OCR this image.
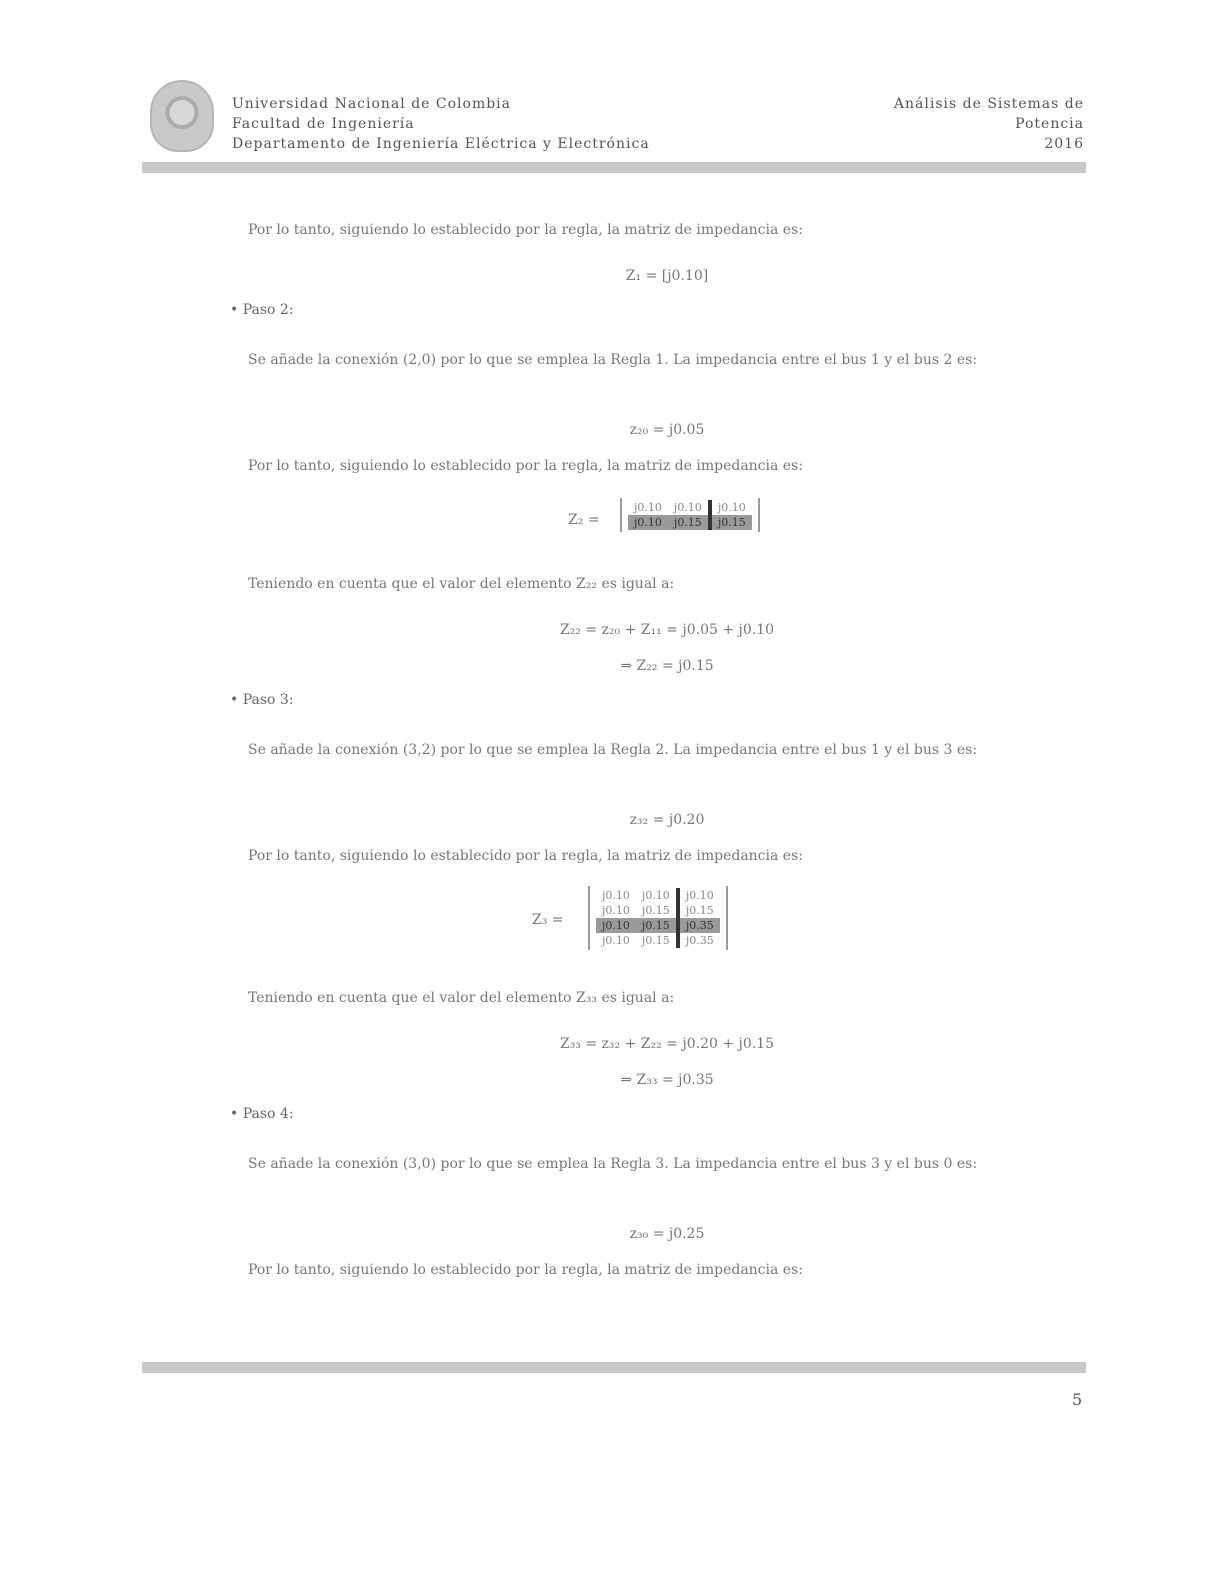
Universidad Nacional de Colombia
Facultad de Ingeniería
Departamento de Ingeniería Eléctrica y Electrónica
Análisis de Sistemas de
Potencia
2016
Por lo tanto, siguiendo lo establecido por la regla, la matriz de impedancia es:
Z₁ = [j0.10]
• Paso 2:
Se añade la conexión (2,0) por lo que se emplea la Regla 1. La impedancia entre el bus 1 y el bus 2 es:
z₂₀ = j0.05
Por lo tanto, siguiendo lo establecido por la regla, la matriz de impedancia es:
Z₂ =
j0.10	j0.10	j0.10
j0.10	j0.15	j0.15
Teniendo en cuenta que el valor del elemento Z₂₂ es igual a:
Z₂₂ = z₂₀ + Z₁₁ = j0.05 + j0.10
⇒ Z₂₂ = j0.15
• Paso 3:
Se añade la conexión (3,2) por lo que se emplea la Regla 2. La impedancia entre el bus 1 y el bus 3 es:
z₃₂ = j0.20
Por lo tanto, siguiendo lo establecido por la regla, la matriz de impedancia es:
Z₃ =
j0.10	j0.10	j0.10
j0.10	j0.15	j0.15
j0.10	j0.15	j0.35
j0.10	j0.15	j0.35
Teniendo en cuenta que el valor del elemento Z₃₃ es igual a:
Z₃₃ = z₃₂ + Z₂₂ = j0.20 + j0.15
⇒ Z₃₃ = j0.35
• Paso 4:
Se añade la conexión (3,0) por lo que se emplea la Regla 3. La impedancia entre el bus 3 y el bus 0 es:
z₃₀ = j0.25
Por lo tanto, siguiendo lo establecido por la regla, la matriz de impedancia es:
5
